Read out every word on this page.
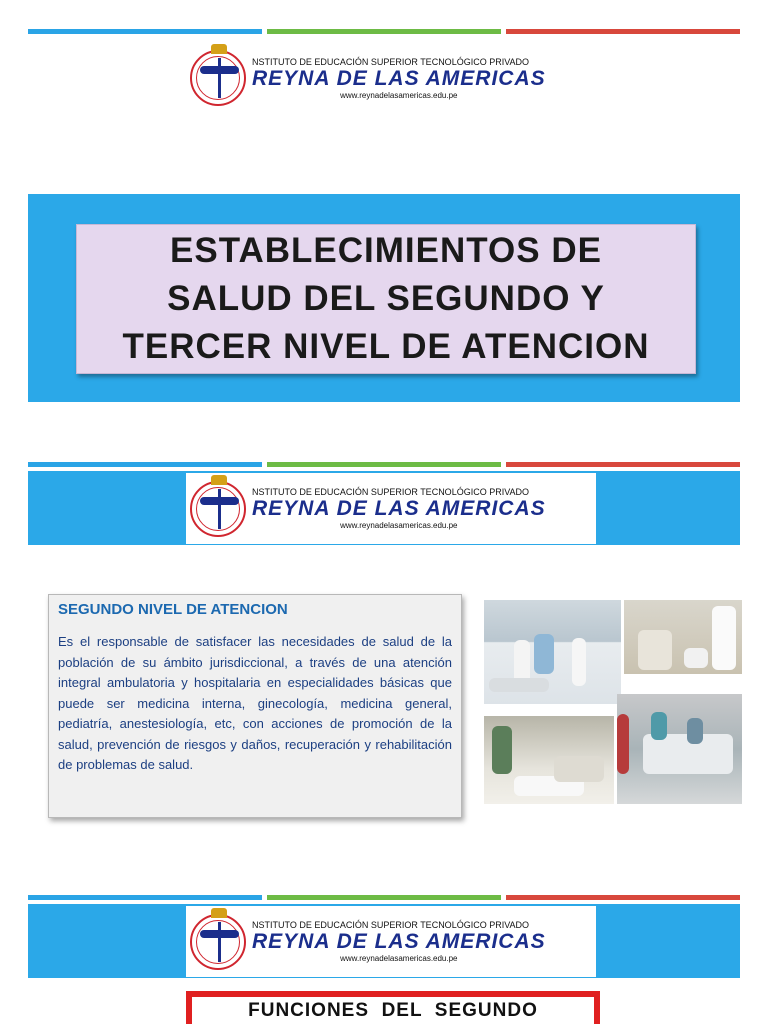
NSTITUTO DE EDUCACIÓN SUPERIOR TECNOLÓGICO PRIVADO
REYNA DE LAS AMERICAS
www.reynadelasamericas.edu.pe
ESTABLECIMIENTOS DE
SALUD DEL SEGUNDO Y
TERCER NIVEL DE ATENCION
NSTITUTO DE EDUCACIÓN SUPERIOR TECNOLÓGICO PRIVADO
REYNA DE LAS AMERICAS
www.reynadelasamericas.edu.pe
SEGUNDO NIVEL DE ATENCION
Es el responsable de satisfacer las necesidades de salud de la población de su ámbito jurisdiccional, a través de una atención integral ambulatoria y hospitalaria en especialidades básicas que puede ser medicina interna, ginecología, medicina general, pediatría, anestesiología, etc, con acciones de promoción de la salud, prevención de riesgos y daños, recuperación y rehabilitación de problemas de salud.
NSTITUTO DE EDUCACIÓN SUPERIOR TECNOLÓGICO PRIVADO
REYNA DE LAS AMERICAS
www.reynadelasamericas.edu.pe
FUNCIONES  DEL  SEGUNDO
